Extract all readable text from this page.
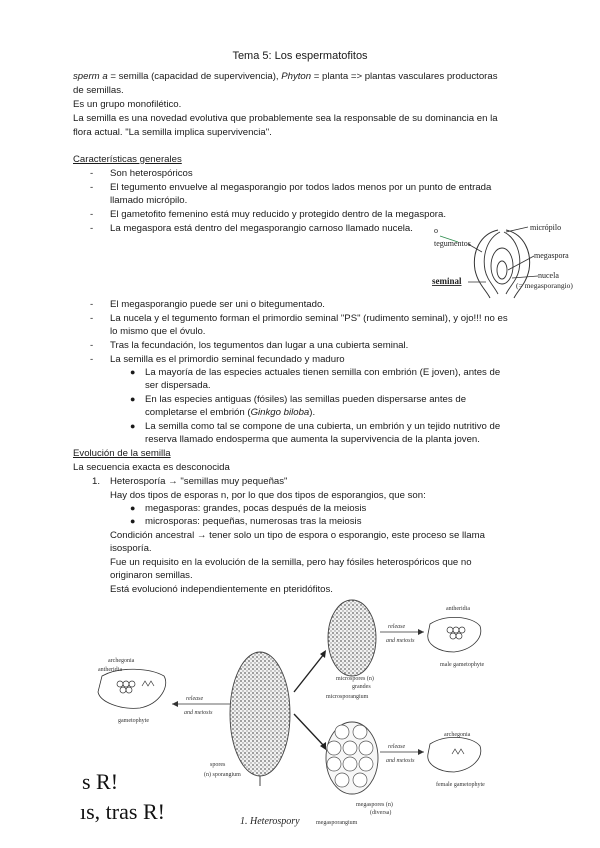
Tema 5: Los espermatofitos
sperm a = semilla (capacidad de supervivencia), Phyton = planta => plantas vasculares productoras
de semillas.
Es un grupo monofilético.
La semilla es una novedad evolutiva que probablemente sea la responsable de su dominancia en la
flora actual. "La semilla implica supervivencia".
Características generales
- Son heterospóricos
- El tegumento envuelve al megasporangio por todos lados menos por un punto de entrada
llamado micrópilo.
- El gametofito femenino está muy reducido y protegido dentro de la megaspora.
- La megaspora está dentro del megasporangio carnoso llamado nucela.	micrópilo
o
tegumentos
megaspora
seminal
nucela
(= megasporangio)
- El megasporangio puede ser uni o bitegumentado.
- La nucela y el tegumento forman el primordio seminal "PS" (rudimento seminal), y ojo!!! no es
lo mismo que el óvulo.
- Tras la fecundación, los tegumentos dan lugar a una cubierta seminal.
- La semilla es el primordio seminal fecundado y maduro
● La mayoría de las especies actuales tienen semilla con embrión (E joven), antes de
ser dispersada.
● En las especies antiguas (fósiles) las semillas pueden dispersarse antes de
completarse el embrión (Ginkgo biloba).
● La semilla como tal se compone de una cubierta, un embrión y un tejido nutritivo de
reserva llamado endosperma que aumenta la supervivencia de la planta joven.
Evolución de la semilla
La secuencia exacta es desconocida
1. Heterosporía → "semillas muy pequeñas"
Hay dos tipos de esporas n, por lo que dos tipos de esporangios, que son:
● megasporas: grandes, pocas después de la meiosis
● microsporas: pequeñas, numerosas tras la meiosis
Condición ancestral → tener solo un tipo de espora o esporangio, este proceso se llama
isosporía.
Fue un requisito en la evolución de la semilla, pero hay fósiles heterospóricos que no
originaron semillas.
Está evolucionó independientemente en pteridófitos.
archegonia
antheridia
gametophyte
release
and meiosis
spores
(n) sporangium
microspores (n)
grandes
microsporangium
release
and meiosis
antheridia
male gametophyte
megaspores (n)
(diversa)
megasporangium
release
and meiosis
archegonia
female gametophyte
1. Heterospory
s R!
ıs, tras R!
